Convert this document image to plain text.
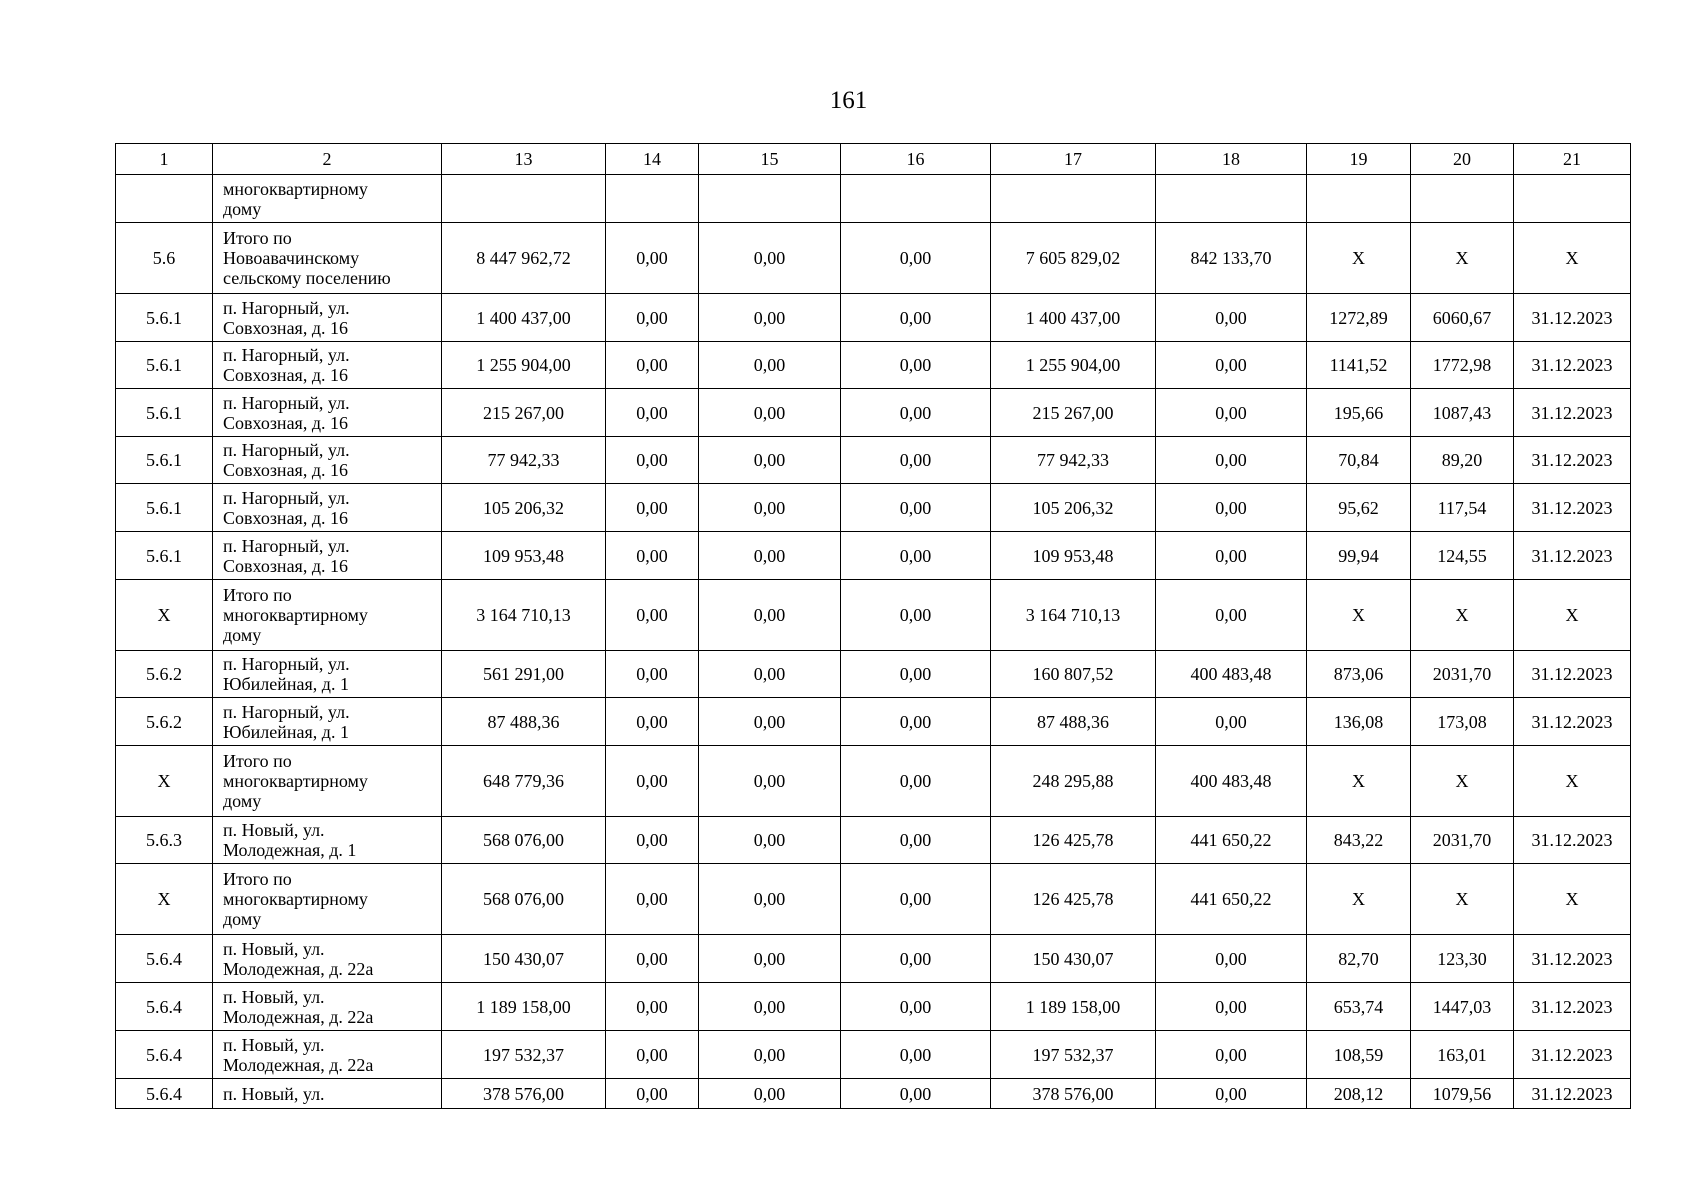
161
1	2	13	14	15	16	17	18	19	20	21
	многоквартирному
дому									
5.6	Итого по
Новоавачинскому
сельскому поселению	8 447 962,72	0,00	0,00	0,00	7 605 829,02	842 133,70	X	X	X
5.6.1	п. Нагорный, ул.
Совхозная, д. 16	1 400 437,00	0,00	0,00	0,00	1 400 437,00	0,00	1272,89	6060,67	31.12.2023
5.6.1	п. Нагорный, ул.
Совхозная, д. 16	1 255 904,00	0,00	0,00	0,00	1 255 904,00	0,00	1141,52	1772,98	31.12.2023
5.6.1	п. Нагорный, ул.
Совхозная, д. 16	215 267,00	0,00	0,00	0,00	215 267,00	0,00	195,66	1087,43	31.12.2023
5.6.1	п. Нагорный, ул.
Совхозная, д. 16	77 942,33	0,00	0,00	0,00	77 942,33	0,00	70,84	89,20	31.12.2023
5.6.1	п. Нагорный, ул.
Совхозная, д. 16	105 206,32	0,00	0,00	0,00	105 206,32	0,00	95,62	117,54	31.12.2023
5.6.1	п. Нагорный, ул.
Совхозная, д. 16	109 953,48	0,00	0,00	0,00	109 953,48	0,00	99,94	124,55	31.12.2023
X	Итого по
многоквартирному
дому	3 164 710,13	0,00	0,00	0,00	3 164 710,13	0,00	X	X	X
5.6.2	п. Нагорный, ул.
Юбилейная, д. 1	561 291,00	0,00	0,00	0,00	160 807,52	400 483,48	873,06	2031,70	31.12.2023
5.6.2	п. Нагорный, ул.
Юбилейная, д. 1	87 488,36	0,00	0,00	0,00	87 488,36	0,00	136,08	173,08	31.12.2023
X	Итого по
многоквартирному
дому	648 779,36	0,00	0,00	0,00	248 295,88	400 483,48	X	X	X
5.6.3	п. Новый, ул.
Молодежная, д. 1	568 076,00	0,00	0,00	0,00	126 425,78	441 650,22	843,22	2031,70	31.12.2023
X	Итого по
многоквартирному
дому	568 076,00	0,00	0,00	0,00	126 425,78	441 650,22	X	X	X
5.6.4	п. Новый, ул.
Молодежная, д. 22а	150 430,07	0,00	0,00	0,00	150 430,07	0,00	82,70	123,30	31.12.2023
5.6.4	п. Новый, ул.
Молодежная, д. 22а	1 189 158,00	0,00	0,00	0,00	1 189 158,00	0,00	653,74	1447,03	31.12.2023
5.6.4	п. Новый, ул.
Молодежная, д. 22а	197 532,37	0,00	0,00	0,00	197 532,37	0,00	108,59	163,01	31.12.2023
5.6.4	п. Новый, ул.	378 576,00	0,00	0,00	0,00	378 576,00	0,00	208,12	1079,56	31.12.2023
